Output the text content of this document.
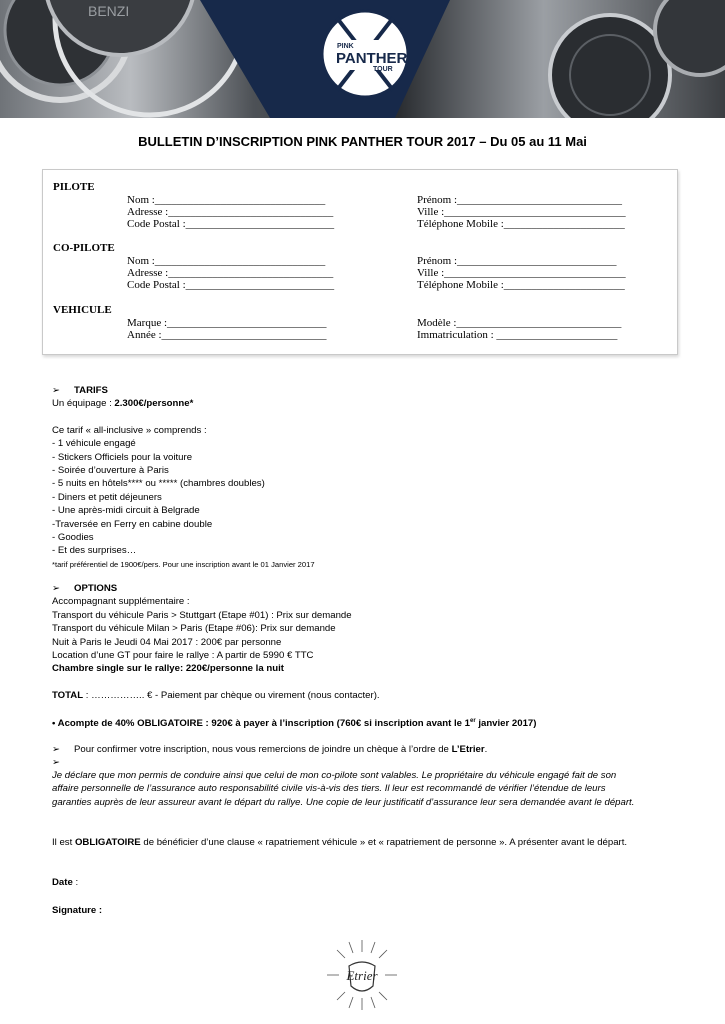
BENZI
PINK
PANTHER
TOUR
BULLETIN D’INSCRIPTION PINK PANTHER TOUR 2017 – Du 05 au 11 Mai
PILOTE
Nom :_______________________________	Prénom :______________________________
Adresse :______________________________	Ville :_________________________________
Code Postal :___________________________	Téléphone Mobile :______________________
CO-PILOTE
Nom :_______________________________	Prénom :_____________________________
Adresse :______________________________	Ville :_________________________________
Code Postal :___________________________	Téléphone Mobile :______________________
VEHICULE
Marque :_____________________________	Modèle :______________________________
Année :______________________________	Immatriculation : ______________________
➢ TARIFS
Un équipage : 2.300€/personne*
Ce tarif « all-inclusive » comprends :
- 1 véhicule engagé
- Stickers Officiels pour la voiture
- Soirée d’ouverture à Paris
- 5 nuits en hôtels**** ou ***** (chambres doubles)
- Diners et petit déjeuners
- Une après-midi circuit à Belgrade
-Traversée en Ferry en cabine double
- Goodies
- Et des surprises…
*tarif préférentiel de 1900€/pers. Pour une inscription avant le 01 Janvier 2017
➢ OPTIONS
Accompagnant supplémentaire :
Transport du véhicule Paris > Stuttgart (Etape #01) : Prix sur demande
Transport du véhicule Milan > Paris (Etape #06): Prix sur demande
Nuit à Paris le Jeudi 04 Mai 2017 : 200€ par personne
Location d’une GT pour faire le rallye : A partir de 5990 € TTC
Chambre single sur le rallye: 220€/personne la nuit
TOTAL : …………….. € - Paiement par chèque ou virement (nous contacter).
• Acompte de 40% OBLIGATOIRE : 920€ à payer à l’inscription (760€ si inscription avant le 1er janvier 2017)
➢ Pour confirmer votre inscription, nous vous remercions de joindre un chèque à l’ordre de L’Etrier.
➢
Je déclare que mon permis de conduire ainsi que celui de mon co-pilote sont valables. Le propriétaire du véhicule engagé fait de son affaire personnelle de l’assurance auto responsabilité civile vis-à-vis des tiers. Il leur est recommandé de vérifier l’étendue de leurs garanties auprès de leur assureur avant le départ du rallye. Une copie de leur justificatif d’assurance leur sera demandée avant le départ.
Il est OBLIGATOIRE de bénéficier d’une clause « rapatriement véhicule » et « rapatriement de personne ». A présenter avant le départ.
Date :
Signature :
Etrier
